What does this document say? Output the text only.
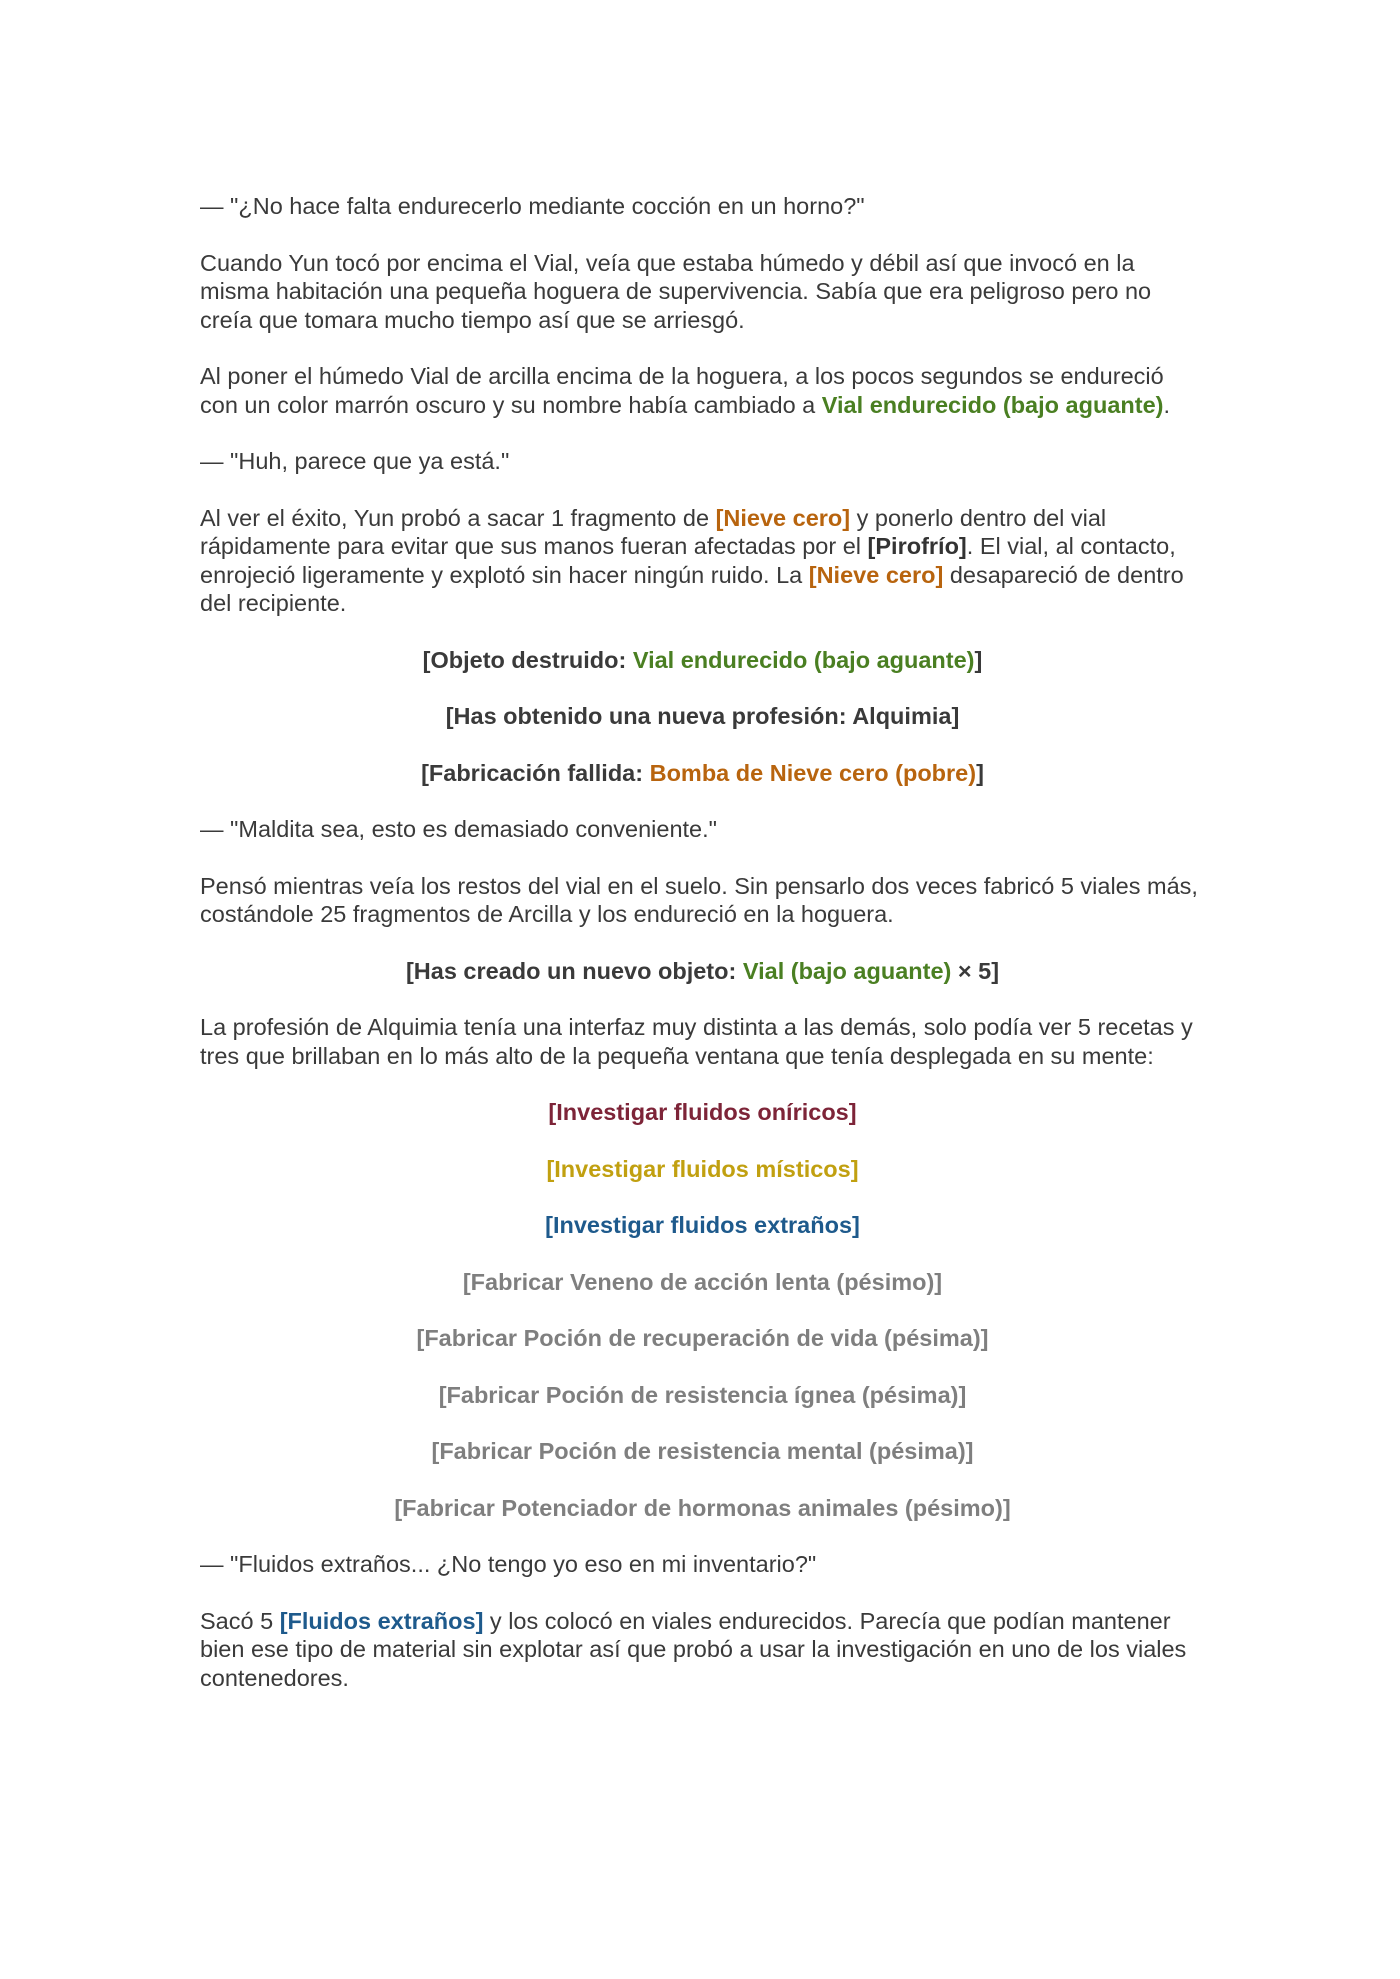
— "¿No hace falta endurecerlo mediante cocción en un horno?"

Cuando Yun tocó por encima el Vial, veía que estaba húmedo y débil así que invocó en la misma habitación una pequeña hoguera de supervivencia. Sabía que era peligroso pero no creía que tomara mucho tiempo así que se arriesgó.

Al poner el húmedo Vial de arcilla encima de la hoguera, a los pocos segundos se endureció con un color marrón oscuro y su nombre había cambiado a Vial endurecido (bajo aguante).

— "Huh, parece que ya está."

Al ver el éxito, Yun probó a sacar 1 fragmento de [Nieve cero] y ponerlo dentro del vial rápidamente para evitar que sus manos fueran afectadas por el [Pirofrío]. El vial, al contacto, enrojeció ligeramente y explotó sin hacer ningún ruido. La [Nieve cero] desapareció de dentro del recipiente.

[Objeto destruido: Vial endurecido (bajo aguante)]

[Has obtenido una nueva profesión: Alquimia]

[Fabricación fallida: Bomba de Nieve cero (pobre)]

— "Maldita sea, esto es demasiado conveniente."

Pensó mientras veía los restos del vial en el suelo. Sin pensarlo dos veces fabricó 5 viales más, costándole 25 fragmentos de Arcilla y los endureció en la hoguera.

[Has creado un nuevo objeto: Vial (bajo aguante) × 5]

La profesión de Alquimia tenía una interfaz muy distinta a las demás, solo podía ver 5 recetas y tres que brillaban en lo más alto de la pequeña ventana que tenía desplegada en su mente:

[Investigar fluidos oníricos]

[Investigar fluidos místicos]

[Investigar fluidos extraños]

[Fabricar Veneno de acción lenta (pésimo)]

[Fabricar Poción de recuperación de vida (pésima)]

[Fabricar Poción de resistencia ígnea (pésima)]

[Fabricar Poción de resistencia mental (pésima)]

[Fabricar Potenciador de hormonas animales (pésimo)]

— "Fluidos extraños... ¿No tengo yo eso en mi inventario?"

Sacó 5 [Fluidos extraños] y los colocó en viales endurecidos. Parecía que podían mantener bien ese tipo de material sin explotar así que probó a usar la investigación en uno de los viales contenedores.
